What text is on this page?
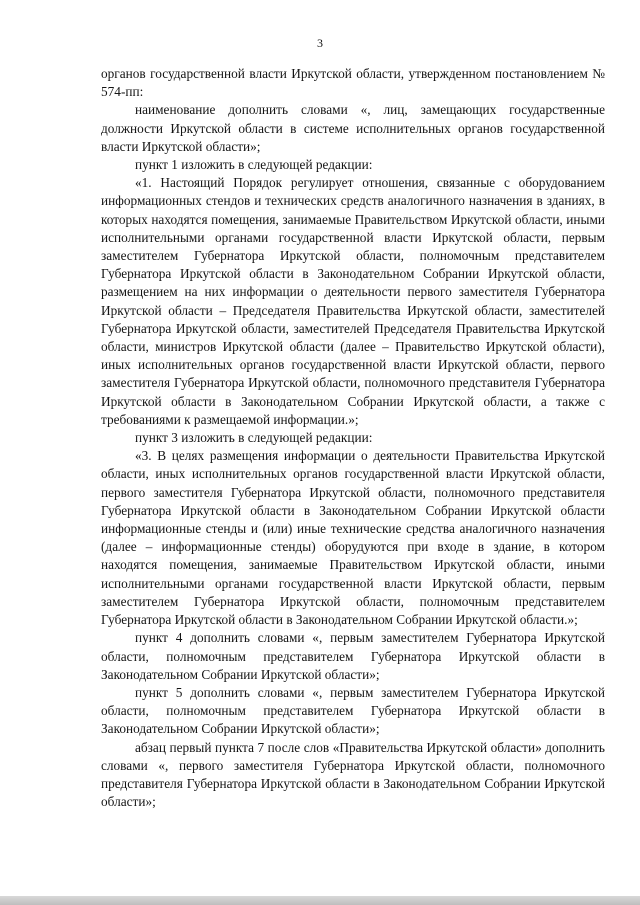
3

органов государственной власти Иркутской области, утвержденном постановлением № 574-пп:

наименование дополнить словами «, лиц, замещающих государственные должности Иркутской области в системе исполнительных органов государственной власти Иркутской области»;

пункт 1 изложить в следующей редакции:

«1. Настоящий Порядок регулирует отношения, связанные с оборудованием информационных стендов и технических средств аналогичного назначения в зданиях, в которых находятся помещения, занимаемые Правительством Иркутской области, иными исполнительными органами государственной власти Иркутской области, первым заместителем Губернатора Иркутской области, полномочным представителем Губернатора Иркутской области в Законодательном Собрании Иркутской области, размещением на них информации о деятельности первого заместителя Губернатора Иркутской области – Председателя Правительства Иркутской области, заместителей Губернатора Иркутской области, заместителей Председателя Правительства Иркутской области, министров Иркутской области (далее – Правительство Иркутской области), иных исполнительных органов государственной власти Иркутской области, первого заместителя Губернатора Иркутской области, полномочного представителя Губернатора Иркутской области в Законодательном Собрании Иркутской области, а также с требованиями к размещаемой информации.»;

пункт 3 изложить в следующей редакции:

«3. В целях размещения информации о деятельности Правительства Иркутской области, иных исполнительных органов государственной власти Иркутской области, первого заместителя Губернатора Иркутской области, полномочного представителя Губернатора Иркутской области в Законодательном Собрании Иркутской области информационные стенды и (или) иные технические средства аналогичного назначения (далее – информационные стенды) оборудуются при входе в здание, в котором находятся помещения, занимаемые Правительством Иркутской области, иными исполнительными органами государственной власти Иркутской области, первым заместителем Губернатора Иркутской области, полномочным представителем Губернатора Иркутской области в Законодательном Собрании Иркутской области.»;

пункт 4 дополнить словами «, первым заместителем Губернатора Иркутской области, полномочным представителем Губернатора Иркутской области в Законодательном Собрании Иркутской области»;

пункт 5 дополнить словами «, первым заместителем Губернатора Иркутской области, полномочным представителем Губернатора Иркутской области в Законодательном Собрании Иркутской области»;

абзац первый пункта 7 после слов «Правительства Иркутской области» дополнить словами «, первого заместителя Губернатора Иркутской области, полномочного представителя Губернатора Иркутской области в Законодательном Собрании Иркутской области»;
